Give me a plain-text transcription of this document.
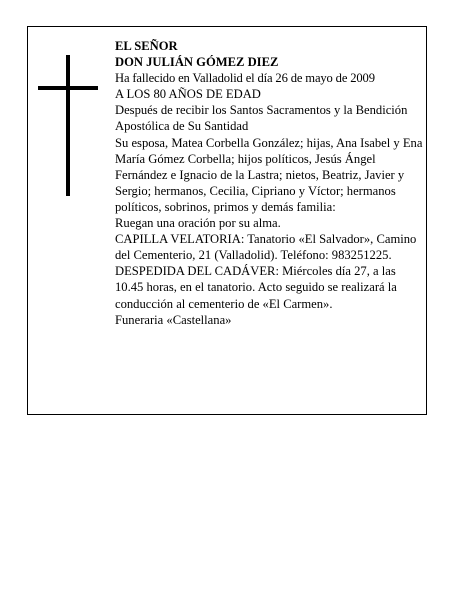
EL SEÑOR

DON JULIÁN GÓMEZ DIEZ

Ha fallecido en Valladolid el día 26 de mayo de 2009

A LOS 80 AÑOS DE EDAD

Después de recibir los Santos Sacramentos y la Bendición Apostólica de Su Santidad

Su esposa, Matea Corbella González; hijas, Ana Isabel y Ena María Gómez Corbella; hijos políticos, Jesús Ángel Fernández e Ignacio de la Lastra; nietos, Beatriz, Javier y Sergio; hermanos, Cecilia, Cipriano y Víctor; hermanos políticos, sobrinos, primos y demás familia:

Ruegan una oración por su alma.

CAPILLA VELATORIA: Tanatorio «El Salvador», Camino del Cementerio, 21 (Valladolid). Teléfono: 983251225.

DESPEDIDA DEL CADÁVER: Miércoles día 27, a las 10.45 horas, en el tanatorio. Acto seguido se realizará la conducción al cementerio de «El Carmen».

Funeraria «Castellana»
